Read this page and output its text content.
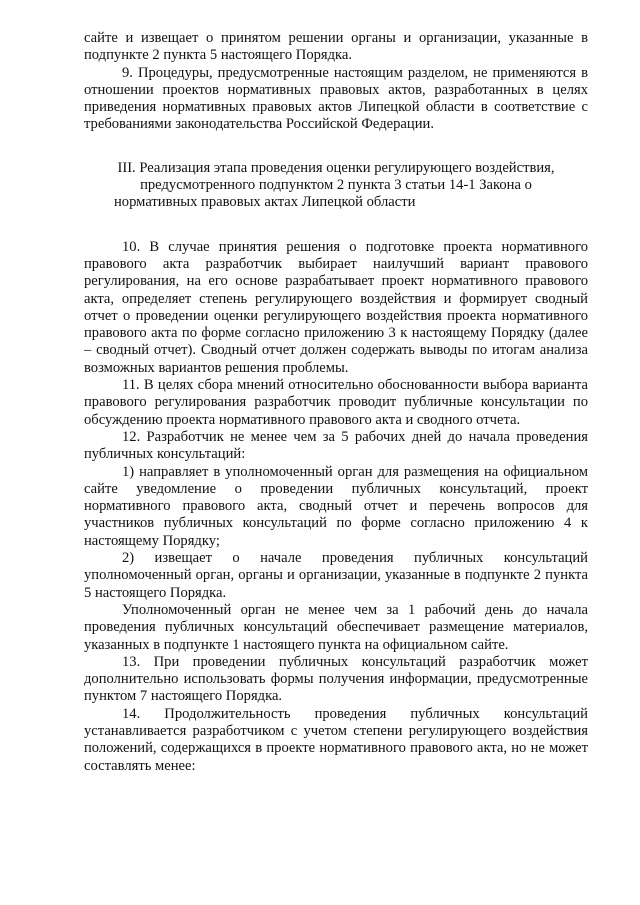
сайте и извещает о принятом решении органы и организации, указанные в подпункте 2 пункта 5 настоящего Порядка.

9. Процедуры, предусмотренные настоящим разделом, не применяются в отношении проектов нормативных правовых актов, разработанных в целях приведения нормативных правовых актов Липецкой области в соответствие с требованиями законодательства Российской Федерации.

III. Реализация этапа проведения оценки регулирующего воздействия, предусмотренного подпунктом 2 пункта 3 статьи 14-1 Закона о нормативных правовых актах Липецкой области

10. В случае принятия решения о подготовке проекта нормативного правового акта разработчик выбирает наилучший вариант правового регулирования, на его основе разрабатывает проект нормативного правового акта, определяет степень регулирующего воздействия и формирует сводный отчет о проведении оценки регулирующего воздействия проекта нормативного правового акта по форме согласно приложению 3 к настоящему Порядку (далее – сводный отчет). Сводный отчет должен содержать выводы по итогам анализа возможных вариантов решения проблемы.

11. В целях сбора мнений относительно обоснованности выбора варианта правового регулирования разработчик проводит публичные консультации по обсуждению проекта нормативного правового акта и сводного отчета.

12. Разработчик не менее чем за 5 рабочих дней до начала проведения публичных консультаций:

1) направляет в уполномоченный орган для размещения на официальном сайте уведомление о проведении публичных консультаций, проект нормативного правового акта, сводный отчет и перечень вопросов для участников публичных консультаций по форме согласно приложению 4 к настоящему Порядку;

2) извещает о начале проведения публичных консультаций уполномоченный орган, органы и организации, указанные в подпункте 2 пункта 5 настоящего Порядка.

Уполномоченный орган не менее чем за 1 рабочий день до начала проведения публичных консультаций обеспечивает размещение материалов, указанных в подпункте 1 настоящего пункта на официальном сайте.

13. При проведении публичных консультаций разработчик может дополнительно использовать формы получения информации, предусмотренные пунктом 7 настоящего Порядка.

14. Продолжительность проведения публичных консультаций устанавливается разработчиком с учетом степени регулирующего воздействия положений, содержащихся в проекте нормативного правового акта, но не может составлять менее:
